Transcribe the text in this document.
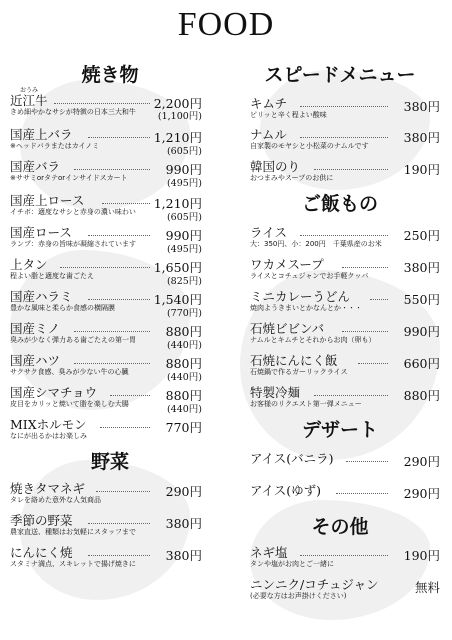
FOOD
焼き物
おうみ
近江牛
きめ細やかなサシが特徴の日本三大和牛
2,200円
(1,100円)
国産上バラ
※ヘッドバラまたはカイノミ
1,210円
(605円)
国産バラ
※ササミorタテorインサイドスカート
990円
(495円)
国産上ロース
イチボ：適度なサシと赤身の濃い味わい
1,210円
(605円)
国産ロース
ランプ：赤身の旨味が凝縮されています
990円
(495円)
上タン
程よい脂と適度な歯ごたえ
1,650円
(825円)
国産ハラミ
豊かな風味と柔らか食感の横隔膜
1,540円
(770円)
国産ミノ
臭みが少なく弾力ある歯ごたえの第一胃
880円
(440円)
国産ハツ
サクサク食感、臭みが少ない牛の心臓
880円
(440円)
国産シマチョウ
皮目をカリッと焼いて脂を楽しむ大腸
880円
(440円)
MIXホルモン
なにが出るかはお楽しみ
770円
野菜
焼きタマネギ
タレを絡めた意外な人気商品
290円
季節の野菜
農家直送、種類はお気軽にスタッフまで
380円
にんにく焼
スタミナ満点、スキレットで揚げ焼きに
380円
スピードメニュー
キムチ
ピリッと辛く程よい酸味
380円
ナムル
自家製のモヤシと小松菜のナムルです
380円
韓国のり
おつまみやスープのお供に
190円
ご飯もの
ライス
大：350円、小：200円　千葉県産のお米
250円
ワカメスープ
ライスとコチュジャンでお手軽クッパ
380円
ミニカレーうどん
焼肉ようきまいとかなんとか・・・
550円
石焼ビビンバ
ナムルとキムチとそれからお肉（卵も）
990円
石焼にんにく飯
石焼鍋で作るガーリックライス
660円
特製冷麺
お客様のリクエスト第一弾メニュー
880円
デザート
アイス(バニラ)	290円
アイス(ゆず)	290円
その他
ネギ塩
タンや塩がお肉とご一緒に
190円
ニンニク/コチュジャン
(必要な方はお声掛けください)
無料
